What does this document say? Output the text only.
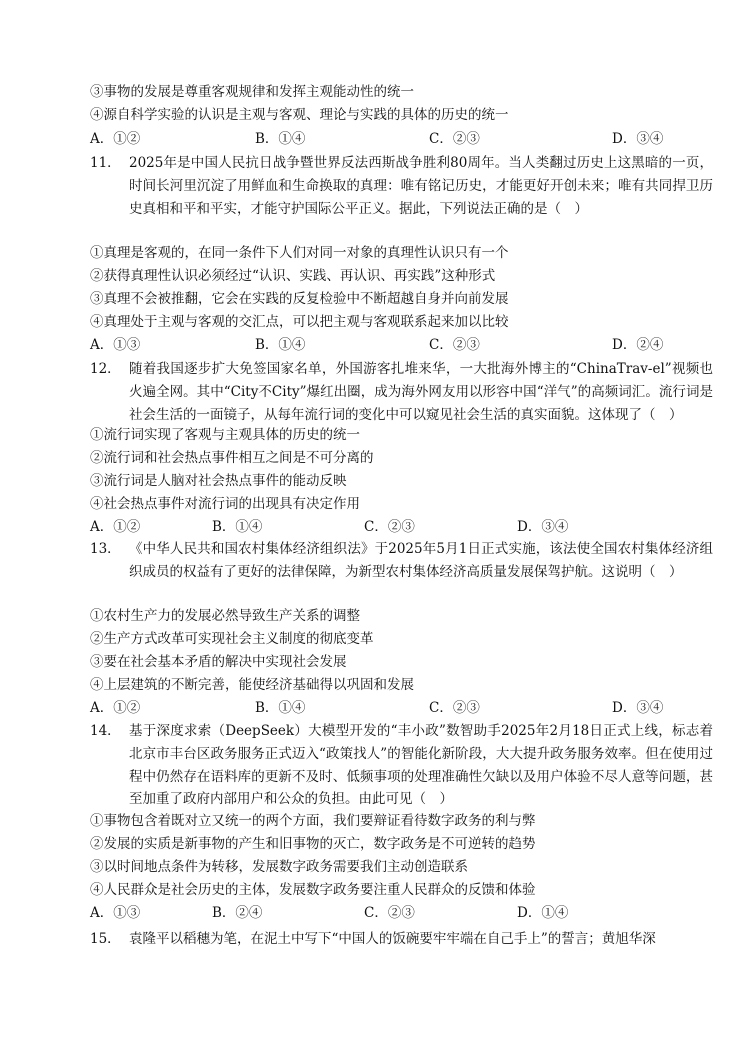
③事物的发展是尊重客观规律和发挥主观能动性的统一
④源自科学实验的认识是主观与客观、理论与实践的具体的历史的统一
A．①②	B．①④	C．②③	D．③④
11． 2025年是中国人民抗日战争暨世界反法西斯战争胜利80周年。当人类翻过历史上这黑暗的一页，时间长河里沉淀了用鲜血和生命换取的真理：唯有铭记历史，才能更好开创未来；唯有共同捍卫历史真相和平和平实，才能守护国际公平正义。据此，下列说法正确的是（　）
①真理是客观的，在同一条件下人们对同一对象的真理性认识只有一个
②获得真理性认识必须经过“认识、实践、再认识、再实践”这种形式
③真理不会被推翻，它会在实践的反复检验中不断超越自身并向前发展
④真理处于主观与客观的交汇点，可以把主观与客观联系起来加以比较
A．①③	B．①④	C．②③	D．②④
12． 随着我国逐步扩大免签国家名单，外国游客扎堆来华，一大批海外博主的“ChinaTrav-el”视频也火遍全网。其中“City不City”爆红出圈，成为海外网友用以形容中国“洋气”的高频词汇。流行词是社会生活的一面镜子，从每年流行词的变化中可以窥见社会生活的真实面貌。这体现了（　）
①流行词实现了客观与主观具体的历史的统一
②流行词和社会热点事件相互之间是不可分离的
③流行词是人脑对社会热点事件的能动反映
④社会热点事件对流行词的出现具有决定作用
A．①②	B．①④	C．②③	D．③④
13． 《中华人民共和国农村集体经济组织法》于2025年5月1日正式实施，该法使全国农村集体经济组织成员的权益有了更好的法律保障，为新型农村集体经济高质量发展保驾护航。这说明（　）
①农村生产力的发展必然导致生产关系的调整
②生产方式改革可实现社会主义制度的彻底变革
③要在社会基本矛盾的解决中实现社会发展
④上层建筑的不断完善，能使经济基础得以巩固和发展
A．①②	B．①④	C．②③	D．③④
14． 基于深度求索（DeepSeek）大模型开发的“丰小政”数智助手2025年2月18日正式上线，标志着北京市丰台区政务服务正式迈入“政策找人”的智能化新阶段，大大提升政务服务效率。但在使用过程中仍然存在语料库的更新不及时、低频事项的处理准确性欠缺以及用户体验不尽人意等问题，甚至加重了政府内部用户和公众的负担。由此可见（　）
①事物包含着既对立又统一的两个方面，我们要辩证看待数字政务的利与弊
②发展的实质是新事物的产生和旧事物的灭亡，数字政务是不可逆转的趋势
③以时间地点条件为转移，发展数字政务需要我们主动创造联系
④人民群众是社会历史的主体，发展数字政务要注重人民群众的反馈和体验
A．①③	B．②④	C．②③	D．①④
15． 袁隆平以稻穗为笔，在泥土中写下“中国人的饭碗要牢牢端在自己手上”的誓言；黄旭华深
